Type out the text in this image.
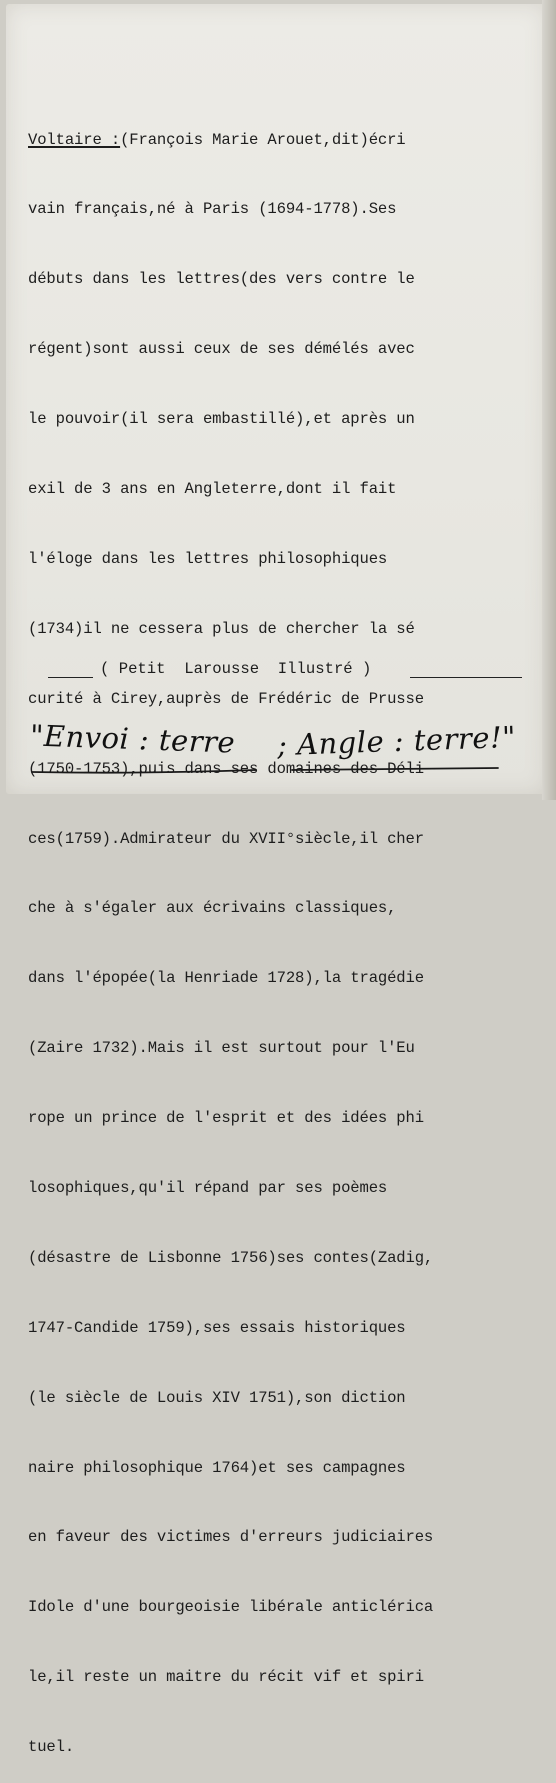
Voltaire :(François Marie Arouet,dit)écri

vain français,né à Paris (1694-1778).Ses

débuts dans les lettres(des vers contre le

régent)sont aussi ceux de ses démélés avec

le pouvoir(il sera embastillé),et après un

exil de 3 ans en Angleterre,dont il fait

l'éloge dans les lettres philosophiques

(1734)il ne cessera plus de chercher la sé

curité à Cirey,auprès de Frédéric de Prusse

(1750-1753),puis dans ses domaines des Déli

ces(1759).Admirateur du XVII°siècle,il cher

che à s'égaler aux écrivains classiques,

dans l'épopée(la Henriade 1728),la tragédie

(Zaire 1732).Mais il est surtout pour l'Eu

rope un prince de l'esprit et des idées phi

losophiques,qu'il répand par ses poèmes

(désastre de Lisbonne 1756)ses contes(Zadig,

1747-Candide 1759),ses essais historiques

(le siècle de Louis XIV 1751),son diction

naire philosophique 1764)et ses campagnes

en faveur des victimes d'erreurs judiciaires

Idole d'une bourgeoisie libérale anticlérica

le,il reste un maitre du récit vif et spiri

tuel.

( Petit  Larousse  Illustré )

"Envoi : terre ; Angle : terre!"
